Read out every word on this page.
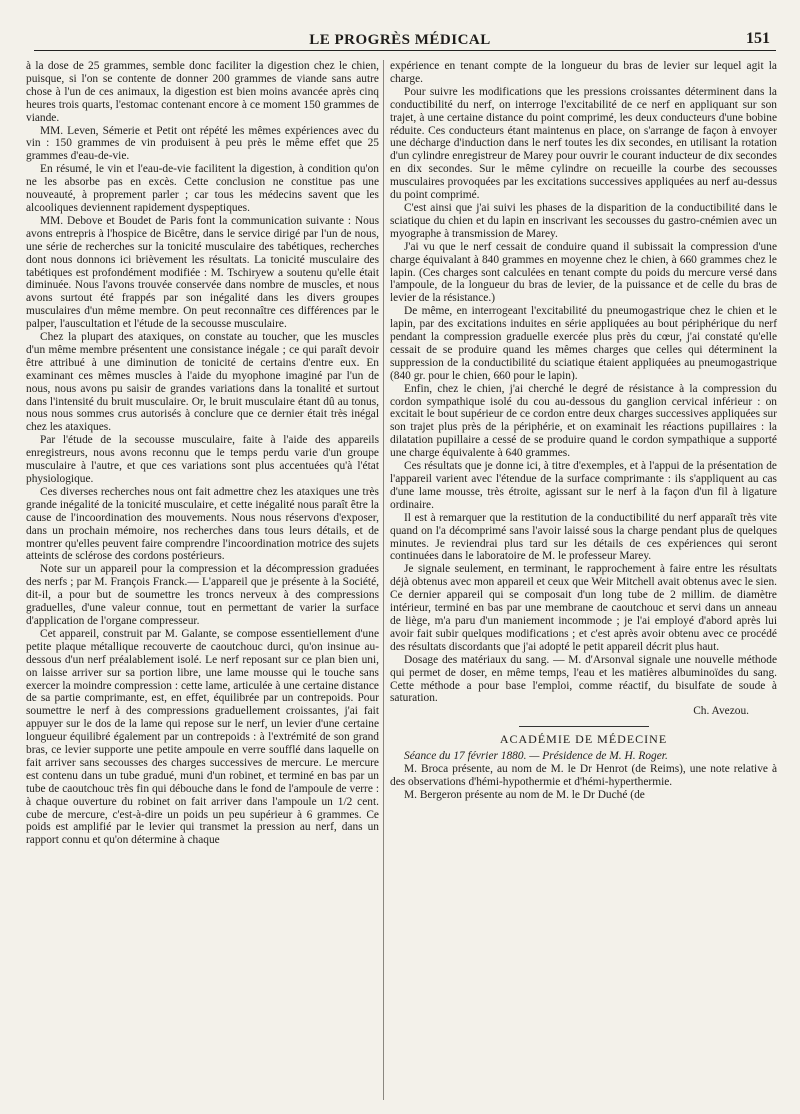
LE PROGRÈS MÉDICAL	151

à la dose de 25 grammes, semble donc faciliter la digestion chez le chien, puisque, si l'on se contente de donner 200 grammes de viande sans autre chose à l'un de ces animaux, la digestion est bien moins avancée après cinq heures trois quarts, l'estomac contenant encore à ce moment 150 grammes de viande.

MM. Leven, Sémerie et Petit ont répété les mêmes expériences avec du vin : 150 grammes de vin produisent à peu près le même effet que 25 grammes d'eau-de-vie.

En résumé, le vin et l'eau-de-vie facilitent la digestion, à condition qu'on ne les absorbe pas en excès. Cette conclusion ne constitue pas une nouveauté, à proprement parler ; car tous les médecins savent que les alcooliques deviennent rapidement dyspeptiques.

MM. Debove et Boudet de Paris font la communication suivante : Nous avons entrepris à l'hospice de Bicêtre, dans le service dirigé par l'un de nous, une série de recherches sur la tonicité musculaire des tabétiques, recherches dont nous donnons ici brièvement les résultats. La tonicité musculaire des tabétiques est profondément modifiée : M. Tschiryew a soutenu qu'elle était diminuée. Nous l'avons trouvée conservée dans nombre de muscles, et nous avons surtout été frappés par son inégalité dans les divers groupes musculaires d'un même membre. On peut reconnaître ces différences par le palper, l'auscultation et l'étude de la secousse musculaire.

Chez la plupart des ataxiques, on constate au toucher, que les muscles d'un même membre présentent une consistance inégale ; ce qui paraît devoir être attribué à une diminution de tonicité de certains d'entre eux. En examinant ces mêmes muscles à l'aide du myophone imaginé par l'un de nous, nous avons pu saisir de grandes variations dans la tonalité et surtout dans l'intensité du bruit musculaire. Or, le bruit musculaire étant dû au tonus, nous nous sommes crus autorisés à conclure que ce dernier était très inégal chez les ataxiques.

Par l'étude de la secousse musculaire, faite à l'aide des appareils enregistreurs, nous avons reconnu que le temps perdu varie d'un groupe musculaire à l'autre, et que ces variations sont plus accentuées qu'à l'état physiologique.

Ces diverses recherches nous ont fait admettre chez les ataxiques une très grande inégalité de la tonicité musculaire, et cette inégalité nous paraît être la cause de l'incoordination des mouvements. Nous nous réservons d'exposer, dans un prochain mémoire, nos recherches dans tous leurs détails, et de montrer qu'elles peuvent faire comprendre l'incoordination motrice des sujets atteints de sclérose des cordons postérieurs.

Note sur un appareil pour la compression et la décompression graduées des nerfs ; par M. François Franck.— L'appareil que je présente à la Société, dit-il, a pour but de soumettre les troncs nerveux à des compressions graduelles, d'une valeur connue, tout en permettant de varier la surface d'application de l'organe compresseur.

Cet appareil, construit par M. Galante, se compose essentiellement d'une petite plaque métallique recouverte de caoutchouc durci, qu'on insinue au-dessous d'un nerf préalablement isolé. Le nerf reposant sur ce plan bien uni, on laisse arriver sur sa portion libre, une lame mousse qui le touche sans exercer la moindre compression : cette lame, articulée à une certaine distance de sa partie comprimante, est, en effet, équilibrée par un contrepoids. Pour soumettre le nerf à des compressions graduellement croissantes, j'ai fait appuyer sur le dos de la lame qui repose sur le nerf, un levier d'une certaine longueur équilibré également par un contrepoids : à l'extrémité de son grand bras, ce levier supporte une petite ampoule en verre soufflé dans laquelle on fait arriver sans secousses des charges successives de mercure. Le mercure est contenu dans un tube gradué, muni d'un robinet, et terminé en bas par un tube de caoutchouc très fin qui débouche dans le fond de l'ampoule de verre : à chaque ouverture du robinet on fait arriver dans l'ampoule un 1/2 cent. cube de mercure, c'est-à-dire un poids un peu supérieur à 6 grammes. Ce poids est amplifié par le levier qui transmet la pression au nerf, dans un rapport connu et qu'on détermine à chaque

expérience en tenant compte de la longueur du bras de levier sur lequel agit la charge.

Pour suivre les modifications que les pressions croissantes déterminent dans la conductibilité du nerf, on interroge l'excitabilité de ce nerf en appliquant sur son trajet, à une certaine distance du point comprimé, les deux conducteurs d'une bobine réduite. Ces conducteurs étant maintenus en place, on s'arrange de façon à envoyer une décharge d'induction dans le nerf toutes les dix secondes, en utilisant la rotation d'un cylindre enregistreur de Marey pour ouvrir le courant inducteur de dix secondes en dix secondes. Sur le même cylindre on recueille la courbe des secousses musculaires provoquées par les excitations successives appliquées au nerf au-dessus du point comprimé.

C'est ainsi que j'ai suivi les phases de la disparition de la conductibilité dans le sciatique du chien et du lapin en inscrivant les secousses du gastro-cnémien avec un myographe à transmission de Marey.

J'ai vu que le nerf cessait de conduire quand il subissait la compression d'une charge équivalant à 840 grammes en moyenne chez le chien, à 660 grammes chez le lapin. (Ces charges sont calculées en tenant compte du poids du mercure versé dans l'ampoule, de la longueur du bras de levier, de la puissance et de celle du bras de levier de la résistance.)

De même, en interrogeant l'excitabilité du pneumogastrique chez le chien et le lapin, par des excitations induites en série appliquées au bout périphérique du nerf pendant la compression graduelle exercée plus près du cœur, j'ai constaté qu'elle cessait de se produire quand les mêmes charges que celles qui déterminent la suppression de la conductibilité du sciatique étaient appliquées au pneumogastrique (840 gr. pour le chien, 660 pour le lapin).

Enfin, chez le chien, j'ai cherché le degré de résistance à la compression du cordon sympathique isolé du cou au-dessous du ganglion cervical inférieur : on excitait le bout supérieur de ce cordon entre deux charges successives appliquées sur son trajet plus près de la périphérie, et on examinait les réactions pupillaires : la dilatation pupillaire a cessé de se produire quand le cordon sympathique a supporté une charge équivalente à 640 grammes.

Ces résultats que je donne ici, à titre d'exemples, et à l'appui de la présentation de l'appareil varient avec l'étendue de la surface comprimante : ils s'appliquent au cas d'une lame mousse, très étroite, agissant sur le nerf à la façon d'un fil à ligature ordinaire.

Il est à remarquer que la restitution de la conductibilité du nerf apparaît très vite quand on l'a décomprimé sans l'avoir laissé sous la charge pendant plus de quelques minutes. Je reviendrai plus tard sur les détails de ces expériences qui seront continuées dans le laboratoire de M. le professeur Marey.

Je signale seulement, en terminant, le rapprochement à faire entre les résultats déjà obtenus avec mon appareil et ceux que Weir Mitchell avait obtenus avec le sien. Ce dernier appareil qui se composait d'un long tube de 2 millim. de diamètre intérieur, terminé en bas par une membrane de caoutchouc et servi dans un anneau de liège, m'a paru d'un maniement incommode ; je l'ai employé d'abord après lui avoir fait subir quelques modifications ; et c'est après avoir obtenu avec ce procédé des résultats discordants que j'ai adopté le petit appareil décrit plus haut.

Dosage des matériaux du sang. — M. d'Arsonval signale une nouvelle méthode qui permet de doser, en même temps, l'eau et les matières albuminoïdes du sang. Cette méthode a pour base l'emploi, comme réactif, du bisulfate de soude à saturation.

Ch. Avezou.

ACADÉMIE DE MÉDECINE

Séance du 17 février 1880. — Présidence de M. H. Roger.

M. Broca présente, au nom de M. le Dr Henrot (de Reims), une note relative à des observations d'hémi-hypothermie et d'hémi-hyperthermie.

M. Bergeron présente au nom de M. le Dr Duché (de
